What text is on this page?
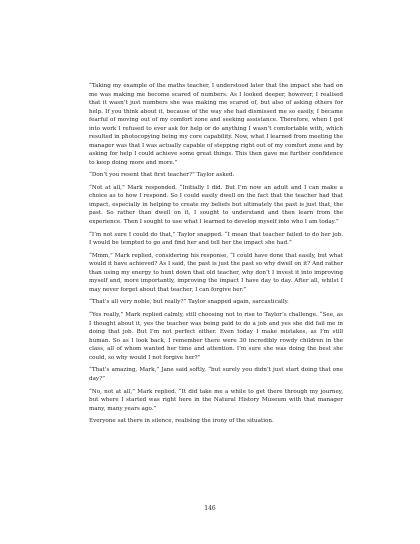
“Taking my example of the maths teacher, I understood later that the impact she had on me was making me become scared of numbers. As I looked deeper, however, I realised that it wasn’t just numbers she was making me scared of, but also of asking others for help. If you think about it, because of the way she had dismissed me so easily, I became fearful of moving out of my comfort zone and seeking assistance. Therefore, when I got into work I refused to ever ask for help or do anything I wasn’t comfortable with, which resulted in photocopying being my core capability. Now, what I learned from meeting the manager was that I was actually capable of stepping right out of my comfort zone and by asking for help I could achieve some great things. This then gave me further confidence to keep doing more and more.”

“Don’t you resent that first teacher?” Taylor asked.

“Not at all,” Mark responded. “Initially I did. But I’m now an adult and I can make a choice as to how I respond. So I could easily dwell on the fact that the teacher had that impact, especially in helping to create my beliefs but ultimately the past is just that, the past. So rather than dwell on it, I sought to understand and then learn from the experience. Then I sought to use what I learned to develop myself into who I am today.”

“I’m not sure I could do that,” Taylor snapped. “I mean that teacher failed to do her job. I would be tempted to go and find her and tell her the impact she had.”

“Mmm,” Mark replied, considering his response, “I could have done that easily, but what would it have achieved? As I said, the past is just the past so why dwell on it? And rather than using my energy to hunt down that old teacher, why don’t I invest it into improving myself and, more importantly, improving the impact I have day to day. After all, whilst I may never forget about that teacher, I can forgive her.”

“That’s all very noble, but really?” Taylor snapped again, sarcastically.

“Yes really,” Mark replied calmly, still choosing not to rise to Taylor’s challenge. “See, as I thought about it, yes the teacher was being paid to do a job and yes she did fail me in doing that job. But I’m not perfect either. Even today I make mistakes, as I’m still human. So as I look back, I remember there were 30 incredibly rowdy children in the class, all of whom wanted her time and attention. I’m sure she was doing the best she could, so why would I not forgive her?”

“That’s amazing, Mark,” Jane said softly, “but surely you didn’t just start doing that one day?”

“No, not at all,” Mark replied. “It did take me a while to get there through my journey, but where I started was right here in the Natural History Museum with that manager many, many years ago.”

Everyone sat there in silence, realising the irony of the situation.

146
